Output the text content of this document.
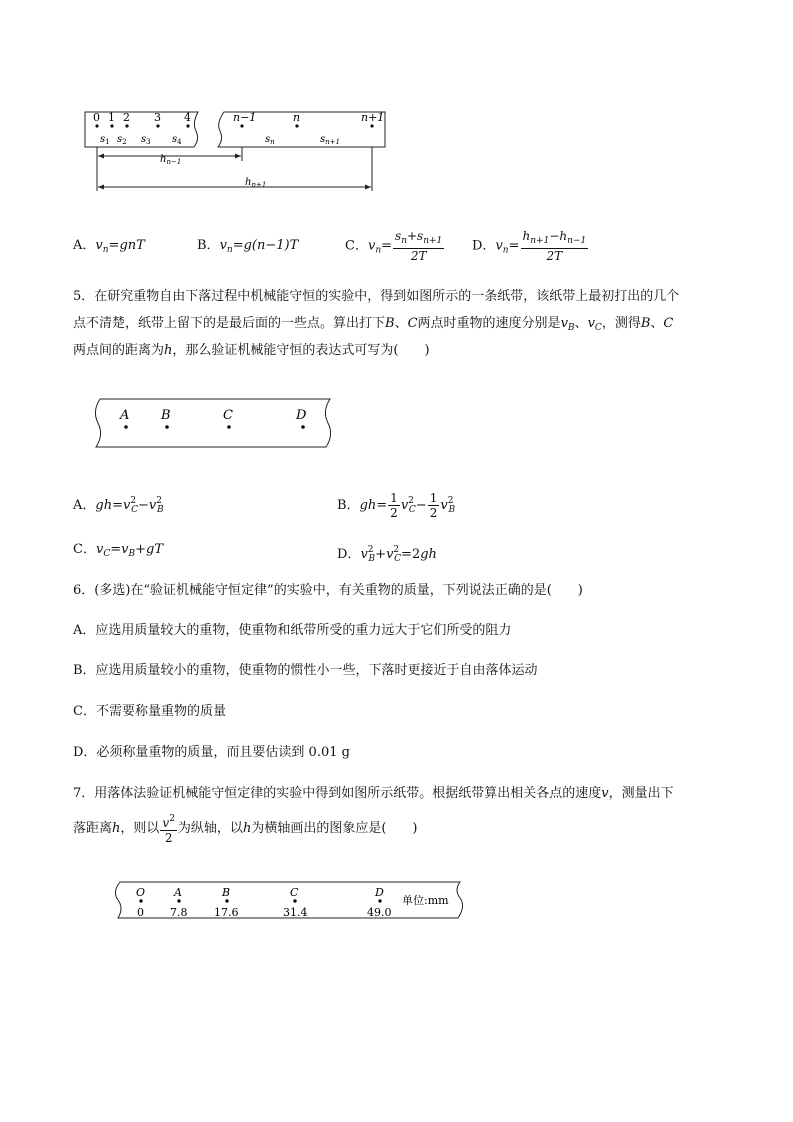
0 1 2 3 4	n−1	n	n+1
$s_1$ $s_2$ $s_3$ $s_4$	$s_n$	$s_{n+1}$
$h_{n-1}$
$h_{n+1}$
A．$v_n=gnT$	B．$v_n=g(n-1)T$	C．$v_n= \frac{s_n+s_{n+1}}{2T}$ D．$v_n= \frac{h_{n+1}-h_{n-1}}{2T}$
5．在研究重物自由下落过程中机械能守恒的实验中，得到如图所示的一条纸带，该纸带上最初打出的几个
点不清楚，纸带上留下的是最后面的一些点。算出打下B、C两点时重物的速度分别是$v_B$、$v_C$，测得B、C
两点间的距离为h，那么验证机械能守恒的表达式可写为(　　)
A B	C	D
A．$gh=v^2_C-v^2_B$	B．$gh= \frac{1}{2} v^2_C- \frac{1}{2} v^2_B$
C．$v_C=v_B+gT$	D．$v^2_B+v^2_C=2gh$
6．(多选)在“验证机械能守恒定律”的实验中，有关重物的质量，下列说法正确的是(　　)
A．应选用质量较大的重物，使重物和纸带所受的重力远大于它们所受的阻力
B．应选用质量较小的重物，使重物的惯性小一些，下落时更接近于自由落体运动
C．不需要称量重物的质量
D．必须称量重物的质量，而且要估读到 0.01 g
7．用落体法验证机械能守恒定律的实验中得到如图所示纸带。根据纸带算出相关各点的速度v，测量出下
落距离h，则以 $\frac{v^2}{2}$ 为纵轴，以h为横轴画出的图象应是(　　)
O	A	B	C	D
0 7.8 17.6	31.4	49.0
单位:mm
